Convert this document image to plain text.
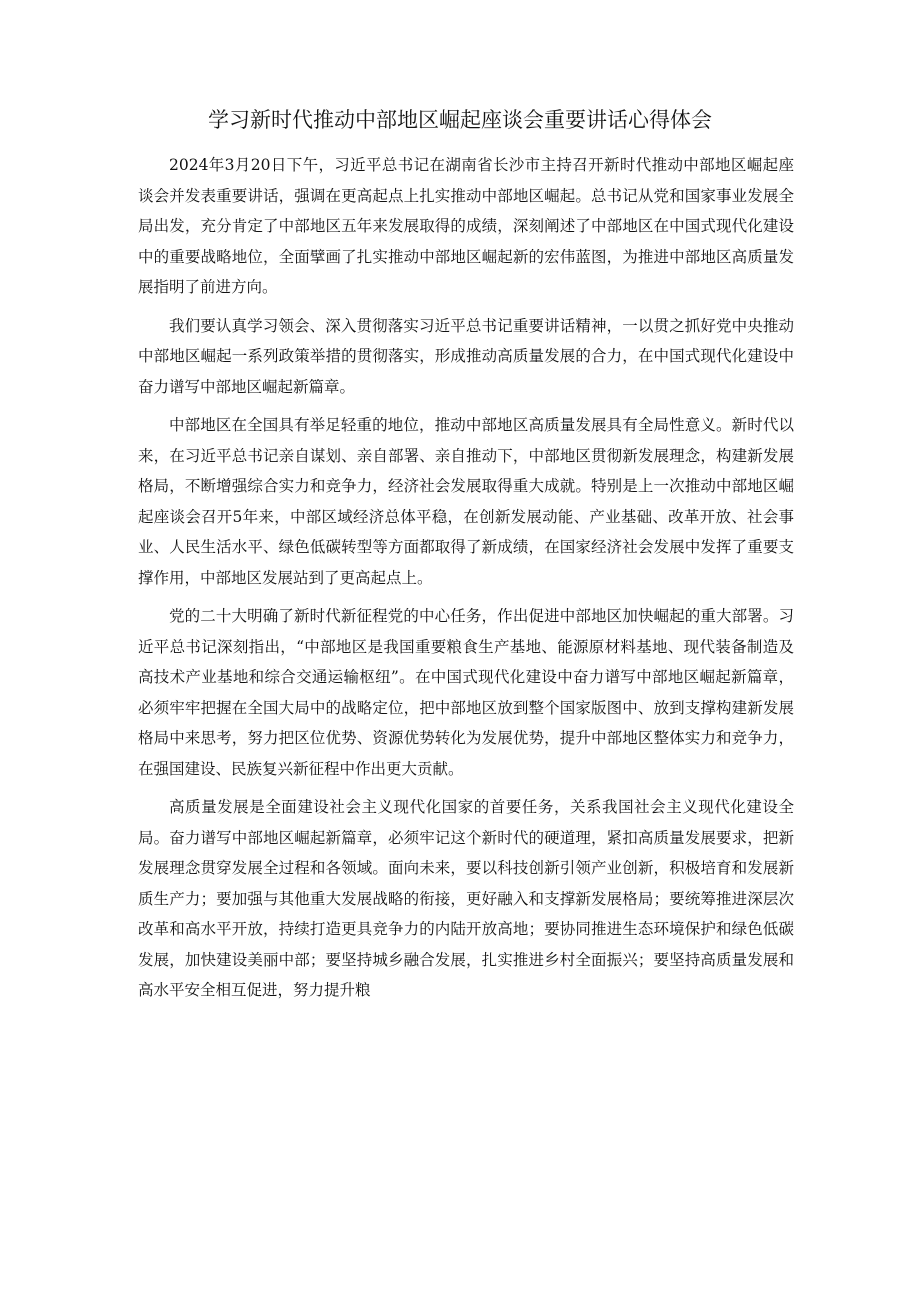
学习新时代推动中部地区崛起座谈会重要讲话心得体会

2024年3月20日下午，习近平总书记在湖南省长沙市主持召开新时代推动中部地区崛起座谈会并发表重要讲话，强调在更高起点上扎实推动中部地区崛起。总书记从党和国家事业发展全局出发，充分肯定了中部地区五年来发展取得的成绩，深刻阐述了中部地区在中国式现代化建设中的重要战略地位，全面擘画了扎实推动中部地区崛起新的宏伟蓝图，为推进中部地区高质量发展指明了前进方向。

我们要认真学习领会、深入贯彻落实习近平总书记重要讲话精神，一以贯之抓好党中央推动中部地区崛起一系列政策举措的贯彻落实，形成推动高质量发展的合力，在中国式现代化建设中奋力谱写中部地区崛起新篇章。

中部地区在全国具有举足轻重的地位，推动中部地区高质量发展具有全局性意义。新时代以来，在习近平总书记亲自谋划、亲自部署、亲自推动下，中部地区贯彻新发展理念，构建新发展格局，不断增强综合实力和竞争力，经济社会发展取得重大成就。特别是上一次推动中部地区崛起座谈会召开5年来，中部区域经济总体平稳，在创新发展动能、产业基础、改革开放、社会事业、人民生活水平、绿色低碳转型等方面都取得了新成绩，在国家经济社会发展中发挥了重要支撑作用，中部地区发展站到了更高起点上。

党的二十大明确了新时代新征程党的中心任务，作出促进中部地区加快崛起的重大部署。习近平总书记深刻指出，“中部地区是我国重要粮食生产基地、能源原材料基地、现代装备制造及高技术产业基地和综合交通运输枢纽”。在中国式现代化建设中奋力谱写中部地区崛起新篇章，必须牢牢把握在全国大局中的战略定位，把中部地区放到整个国家版图中、放到支撑构建新发展格局中来思考，努力把区位优势、资源优势转化为发展优势，提升中部地区整体实力和竞争力，在强国建设、民族复兴新征程中作出更大贡献。

高质量发展是全面建设社会主义现代化国家的首要任务，关系我国社会主义现代化建设全局。奋力谱写中部地区崛起新篇章，必须牢记这个新时代的硬道理，紧扣高质量发展要求，把新发展理念贯穿发展全过程和各领域。面向未来，要以科技创新引领产业创新，积极培育和发展新质生产力；要加强与其他重大发展战略的衔接，更好融入和支撑新发展格局；要统筹推进深层次改革和高水平开放，持续打造更具竞争力的内陆开放高地；要协同推进生态环境保护和绿色低碳发展，加快建设美丽中部；要坚持城乡融合发展，扎实推进乡村全面振兴；要坚持高质量发展和高水平安全相互促进，努力提升粮
